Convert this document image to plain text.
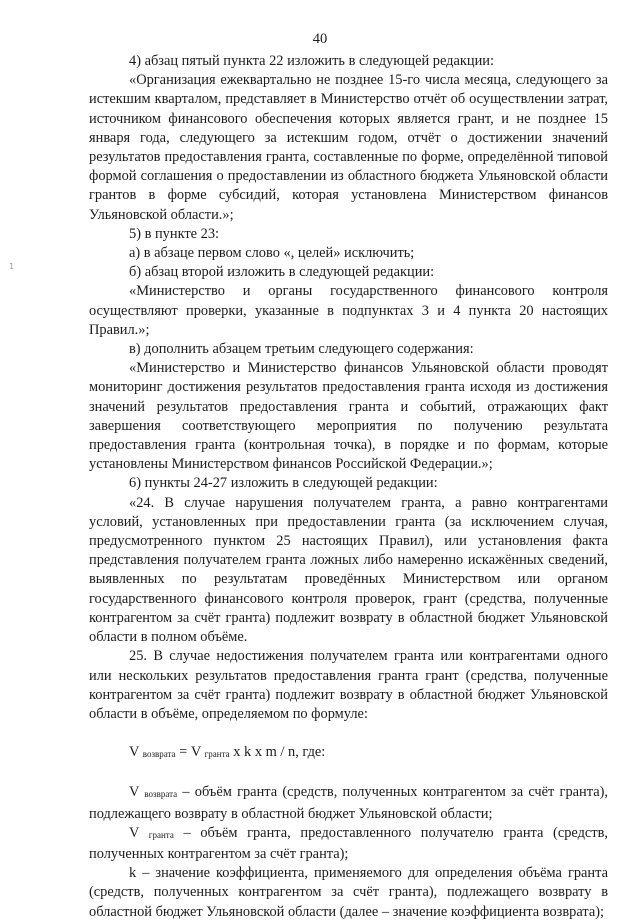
40
1

4) абзац пятый пункта 22 изложить в следующей редакции:

«Организация ежеквартально не позднее 15-го числа месяца, следующего за истекшим кварталом, представляет в Министерство отчёт об осуществлении затрат, источником финансового обеспечения которых является грант, и не позднее 15 января года, следующего за истекшим годом, отчёт о достижении значений результатов предоставления гранта, составленные по форме, определённой типовой формой соглашения о предоставлении из областного бюджета Ульяновской области грантов в форме субсидий, которая установлена Министерством финансов Ульяновской области.»;

5) в пункте 23:

а) в абзаце первом слово «, целей» исключить;

б) абзац второй изложить в следующей редакции:

«Министерство и органы государственного финансового контроля осуществляют проверки, указанные в подпунктах 3 и 4 пункта 20 настоящих Правил.»;

в) дополнить абзацем третьим следующего содержания:

«Министерство и Министерство финансов Ульяновской области проводят мониторинг достижения результатов предоставления гранта исходя из достижения значений результатов предоставления гранта и событий, отражающих факт завершения соответствующего мероприятия по получению результата предоставления гранта (контрольная точка), в порядке и по формам, которые установлены Министерством финансов Российской Федерации.»;

6) пункты 24-27 изложить в следующей редакции:

«24. В случае нарушения получателем гранта, а равно контрагентами условий, установленных при предоставлении гранта (за исключением случая, предусмотренного пунктом 25 настоящих Правил), или установления факта представления получателем гранта ложных либо намеренно искажённых сведений, выявленных по результатам проведённых Министерством или органом государственного финансового контроля проверок, грант (средства, полученные контрагентом за счёт гранта) подлежит возврату в областной бюджет Ульяновской области в полном объёме.

25. В случае недостижения получателем гранта или контрагентами одного или нескольких результатов предоставления гранта грант (средства, полученные контрагентом за счёт гранта) подлежит возврату в областной бюджет Ульяновской области в объёме, определяемом по формуле:

V возврата = V гранта x k x m / n, где:

V возврата – объём гранта (средств, полученных контрагентом за счёт гранта), подлежащего возврату в областной бюджет Ульяновской области;

V гранта – объём гранта, предоставленного получателю гранта (средств, полученных контрагентом за счёт гранта);

k – значение коэффициента, применяемого для определения объёма гранта (средств, полученных контрагентом за счёт гранта), подлежащего возврату в областной бюджет Ульяновской области (далее – значение коэффициента возврата);
